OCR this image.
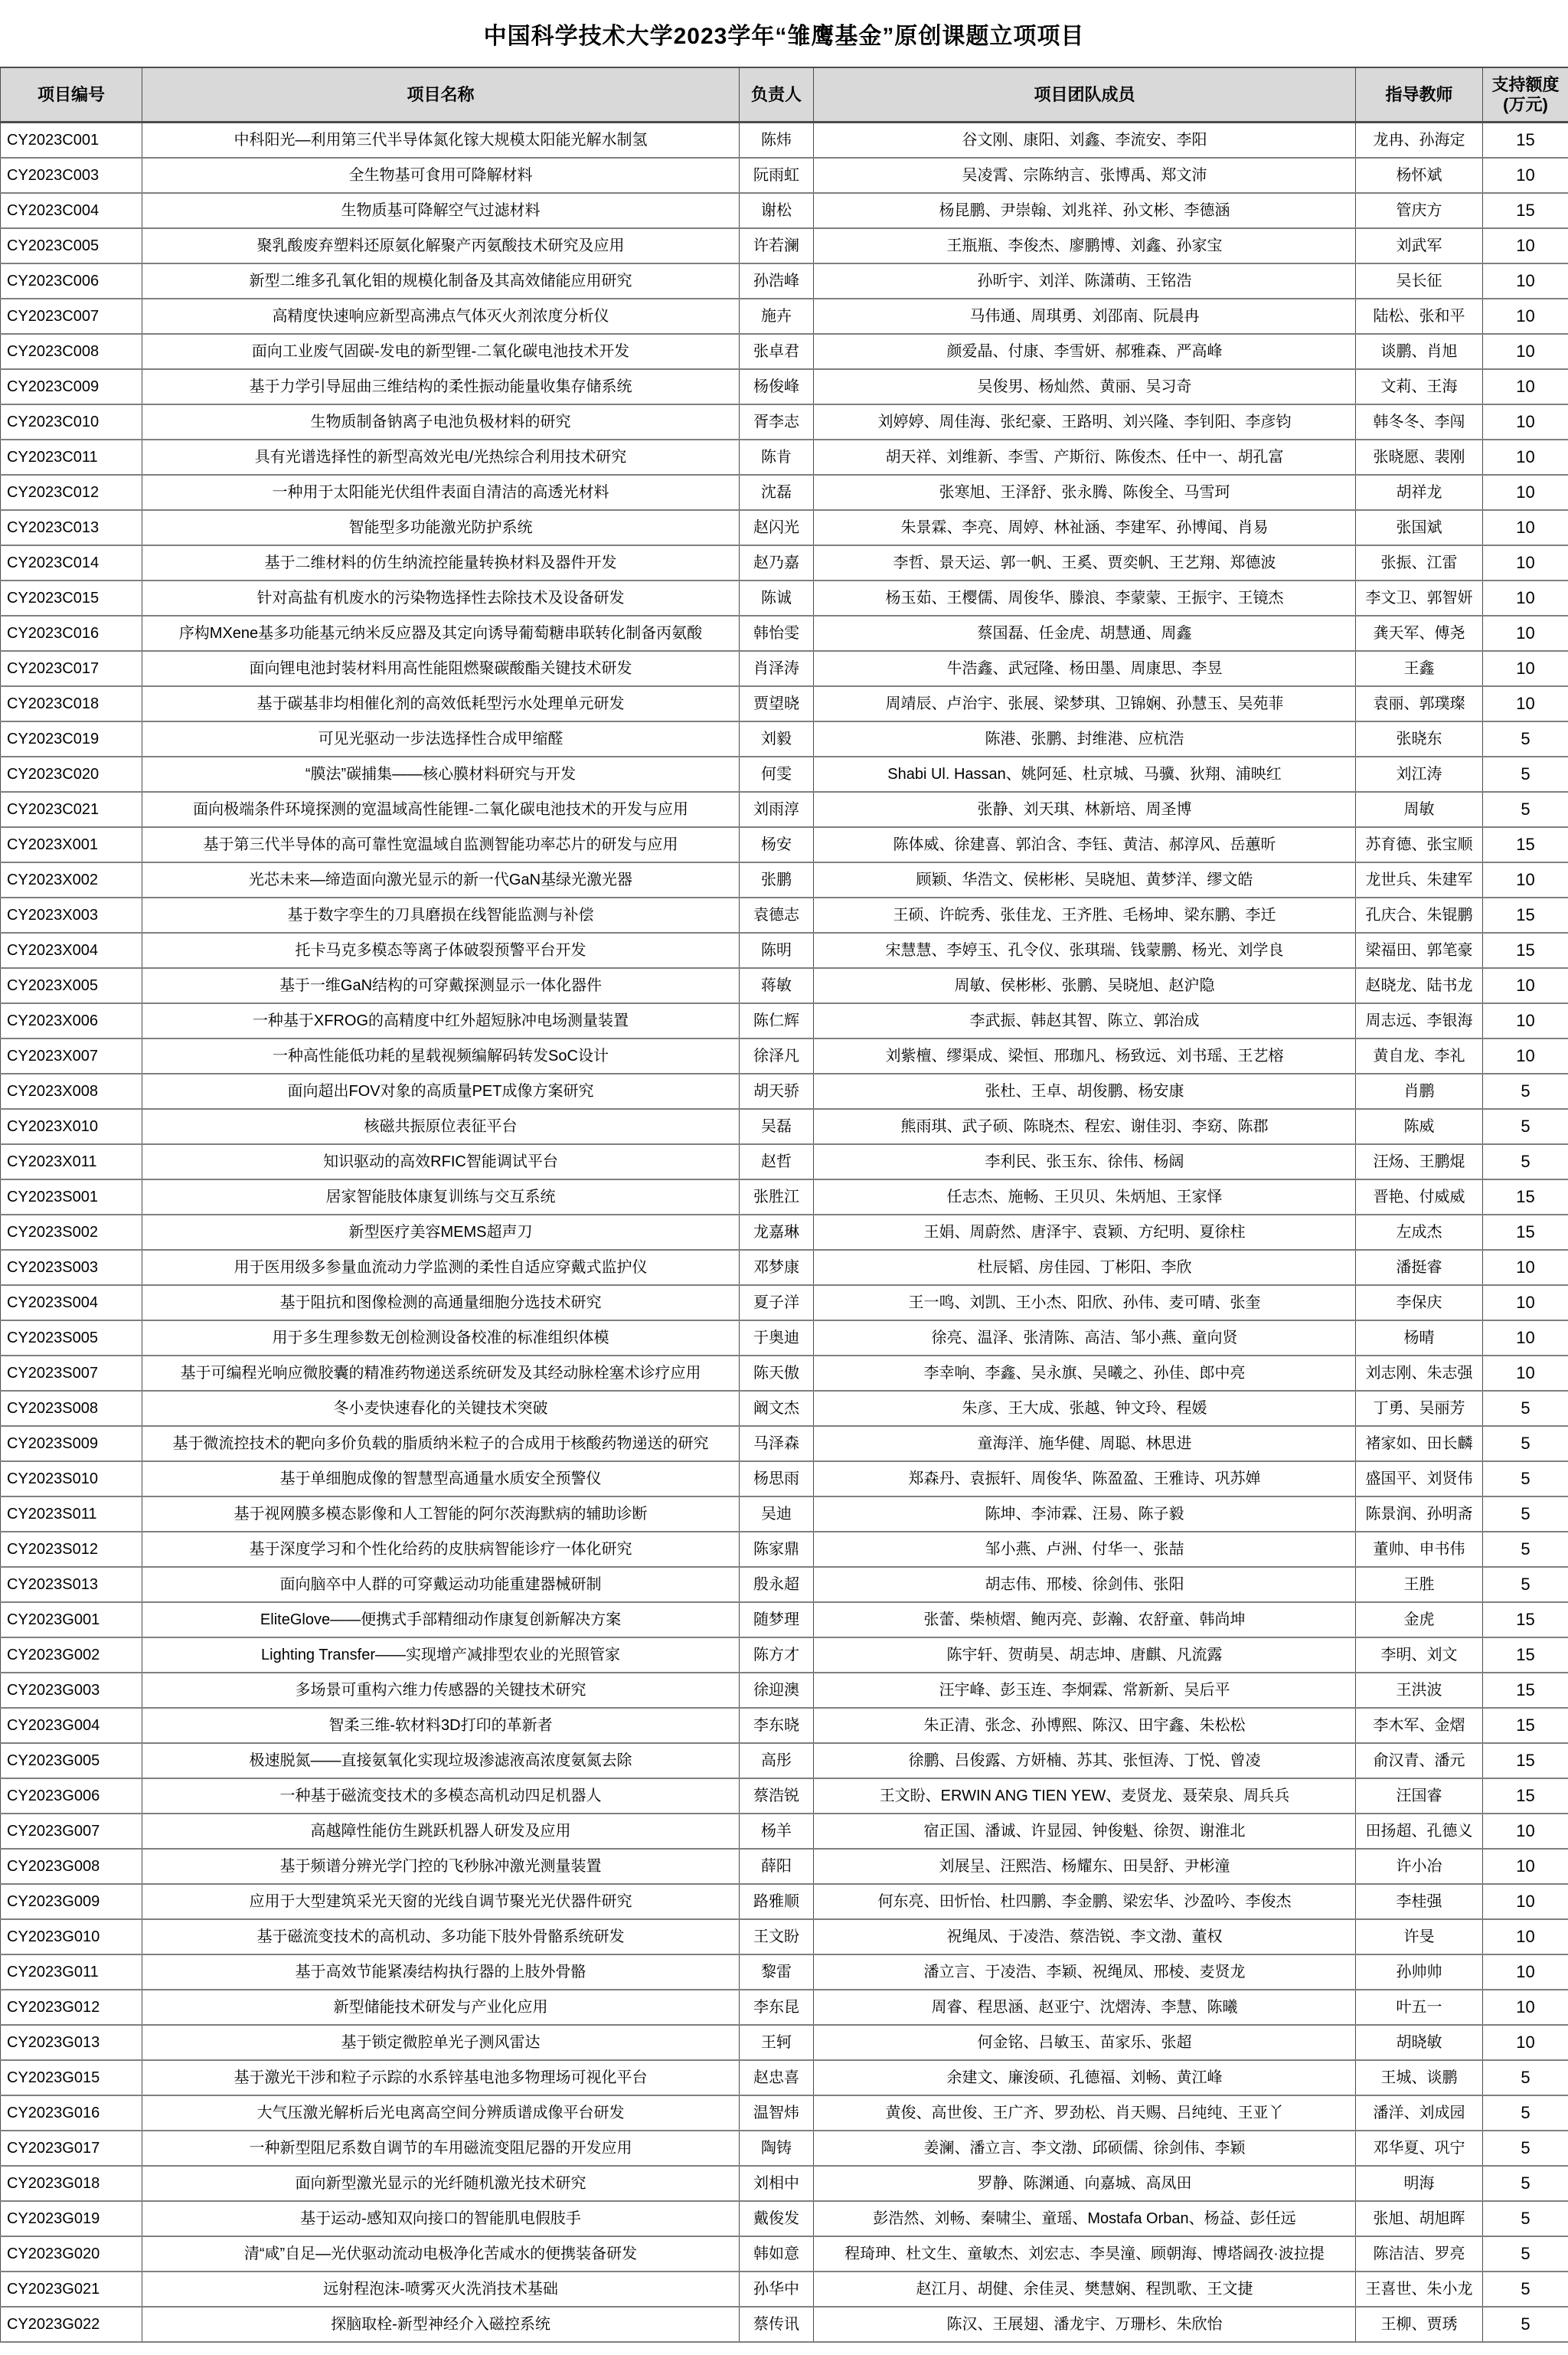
中国科学技术大学2023学年“雏鹰基金”原创课题立项项目
项目编号	项目名称	负责人	项目团队成员	指导教师	支持额度
(万元)

CY2023C001	中科阳光—利用第三代半导体氮化镓大规模太阳能光解水制氢	陈炜	谷文刚、康阳、刘鑫、李流安、李阳	龙冉、孙海定	15
CY2023C003	全生物基可食用可降解材料	阮雨虹	吴凌霄、宗陈纳言、张博禹、郑文沛	杨怀斌	10
CY2023C004	生物质基可降解空气过滤材料	谢松	杨昆鹏、尹崇翰、刘兆祥、孙文彬、李德涵	管庆方	15
CY2023C005	聚乳酸废弃塑料还原氨化解聚产丙氨酸技术研究及应用	许若澜	王瓶瓶、李俊杰、廖鹏博、刘鑫、孙家宝	刘武军	10
CY2023C006	新型二维多孔氧化钼的规模化制备及其高效储能应用研究	孙浩峰	孙昕宇、刘洋、陈潇萌、王铭浩	吴长征	10
CY2023C007	高精度快速响应新型高沸点气体灭火剂浓度分析仪	施卉	马伟通、周琪勇、刘邵南、阮晨冉	陆松、张和平	10
CY2023C008	面向工业废气固碳-发电的新型锂-二氧化碳电池技术开发	张卓君	颜爱晶、付康、李雪妍、郝雅森、严高峰	谈鹏、肖旭	10
CY2023C009	基于力学引导屈曲三维结构的柔性振动能量收集存储系统	杨俊峰	吴俊男、杨灿然、黄丽、吴习奇	文莉、王海	10
CY2023C010	生物质制备钠离子电池负极材料的研究	胥李志	刘婷婷、周佳海、张纪豪、王路明、刘兴隆、李钊阳、李彦钧	韩冬冬、李闯	10
CY2023C011	具有光谱选择性的新型高效光电/光热综合利用技术研究	陈肯	胡天祥、刘维新、李雪、产斯衍、陈俊杰、任中一、胡孔富	张晓愿、裴刚	10
CY2023C012	一种用于太阳能光伏组件表面自清洁的高透光材料	沈磊	张寒旭、王泽舒、张永腾、陈俊全、马雪珂	胡祥龙	10
CY2023C013	智能型多功能激光防护系统	赵闪光	朱景霖、李亮、周婷、林祉涵、李建军、孙博闻、肖易	张国斌	10
CY2023C014	基于二维材料的仿生纳流控能量转换材料及器件开发	赵乃嘉	李哲、景天运、郭一帆、王奚、贾奕帆、王艺翔、郑德波	张振、江雷	10
CY2023C015	针对高盐有机废水的污染物选择性去除技术及设备研发	陈诚	杨玉茹、王樱儒、周俊华、滕浪、李蒙蒙、王振宇、王镜杰	李文卫、郭智妍	10
CY2023C016	序构MXene基多功能基元纳米反应器及其定向诱导葡萄糖串联转化制备丙氨酸	韩怡雯	蔡国磊、任金虎、胡慧通、周鑫	龚天军、傅尧	10
CY2023C017	面向锂电池封装材料用高性能阻燃聚碳酸酯关键技术研发	肖泽涛	牛浩鑫、武冠隆、杨田墨、周康思、李昱	王鑫	10
CY2023C018	基于碳基非均相催化剂的高效低耗型污水处理单元研发	贾望晓	周靖辰、卢治宇、张展、梁梦琪、卫锦娴、孙慧玉、吴苑菲	袁丽、郭璞璨	10
CY2023C019	可见光驱动一步法选择性合成甲缩醛	刘毅	陈港、张鹏、封维港、应杭浩	张晓东	5
CY2023C020	“膜法”碳捕集——核心膜材料研究与开发	何雯	Shabi Ul. Hassan、姚阿延、杜京城、马骥、狄翔、浦映红	刘江涛	5
CY2023C021	面向极端条件环境探测的宽温域高性能锂-二氧化碳电池技术的开发与应用	刘雨淳	张静、刘天琪、林新培、周圣博	周敏	5
CY2023X001	基于第三代半导体的高可靠性宽温域自监测智能功率芯片的研发与应用	杨安	陈体威、徐建喜、郭泊含、李钰、黄洁、郝淳风、岳蕙昕	苏育德、张宝顺	15
CY2023X002	光芯未来—缔造面向激光显示的新一代GaN基绿光激光器	张鹏	顾颖、华浩文、侯彬彬、吴晓旭、黄梦洋、缪文皓	龙世兵、朱建军	10
CY2023X003	基于数字孪生的刀具磨损在线智能监测与补偿	袁德志	王硕、许皖秀、张佳龙、王齐胜、毛杨坤、梁东鹏、李迁	孔庆合、朱锟鹏	15
CY2023X004	托卡马克多模态等离子体破裂预警平台开发	陈明	宋慧慧、李婷玉、孔令仪、张琪瑞、钱蒙鹏、杨光、刘学良	梁福田、郭笔豪	15
CY2023X005	基于一维GaN结构的可穿戴探测显示一体化器件	蒋敏	周敏、侯彬彬、张鹏、吴晓旭、赵沪隐	赵晓龙、陆书龙	10
CY2023X006	一种基于XFROG的高精度中红外超短脉冲电场测量装置	陈仁辉	李武振、韩赵其智、陈立、郭治成	周志远、李银海	10
CY2023X007	一种高性能低功耗的星载视频编解码转发SoC设计	徐泽凡	刘紫檀、缪渠成、梁恒、邢珈凡、杨致远、刘书瑶、王艺榕	黄自龙、李礼	10
CY2023X008	面向超出FOV对象的高质量PET成像方案研究	胡天骄	张杜、王卓、胡俊鹏、杨安康	肖鹏	5
CY2023X010	核磁共振原位表征平台	吴磊	熊雨琪、武子硕、陈晓杰、程宏、谢佳羽、李窈、陈郡	陈威	5
CY2023X011	知识驱动的高效RFIC智能调试平台	赵哲	李利民、张玉东、徐伟、杨阔	汪炀、王鹏焜	5
CY2023S001	居家智能肢体康复训练与交互系统	张胜江	任志杰、施畅、王贝贝、朱炳旭、王家怿	晋艳、付威威	15
CY2023S002	新型医疗美容MEMS超声刀	龙嘉琳	王娟、周蔚然、唐泽宇、袁颖、方纪明、夏徐柱	左成杰	15
CY2023S003	用于医用级多参量血流动力学监测的柔性自适应穿戴式监护仪	邓梦康	杜辰韬、房佳园、丁彬阳、李欣	潘挺睿	10
CY2023S004	基于阻抗和图像检测的高通量细胞分选技术研究	夏子洋	王一鸣、刘凯、王小杰、阳欣、孙伟、麦可晴、张奎	李保庆	10
CY2023S005	用于多生理参数无创检测设备校准的标准组织体模	于奥迪	徐亮、温泽、张清陈、高洁、邹小燕、童向贤	杨晴	10
CY2023S007	基于可编程光响应微胶囊的精准药物递送系统研发及其经动脉栓塞术诊疗应用	陈天傲	李幸响、李鑫、吴永旗、吴曦之、孙佳、郎中亮	刘志刚、朱志强	10
CY2023S008	冬小麦快速春化的关键技术突破	阚文杰	朱彦、王大成、张越、钟文玲、程媛	丁勇、吴丽芳	5
CY2023S009	基于微流控技术的靶向多价负载的脂质纳米粒子的合成用于核酸药物递送的研究	马泽森	童海洋、施华健、周聪、林思进	褚家如、田长麟	5
CY2023S010	基于单细胞成像的智慧型高通量水质安全预警仪	杨思雨	郑森丹、袁振轩、周俊华、陈盈盈、王雅诗、巩苏婵	盛国平、刘贤伟	5
CY2023S011	基于视网膜多模态影像和人工智能的阿尔茨海默病的辅助诊断	吴迪	陈坤、李沛霖、汪易、陈子毅	陈景润、孙明斋	5
CY2023S012	基于深度学习和个性化给药的皮肤病智能诊疗一体化研究	陈家鼎	邹小燕、卢洲、付华一、张喆	董帅、申书伟	5
CY2023S013	面向脑卒中人群的可穿戴运动功能重建器械研制	殷永超	胡志伟、邢棱、徐剑伟、张阳	王胜	5
CY2023G001	EliteGlove——便携式手部精细动作康复创新解决方案	随梦理	张蕾、柴桢熠、鲍丙亮、彭瀚、农舒童、韩尚坤	金虎	15
CY2023G002	Lighting Transfer——实现增产减排型农业的光照管家	陈方才	陈宇轩、贺萌昊、胡志坤、唐麒、凡流露	李明、刘文	15
CY2023G003	多场景可重构六维力传感器的关键技术研究	徐迎澳	汪宇峰、彭玉连、李炯霖、常新新、吴后平	王洪波	15
CY2023G004	智柔三维-软材料3D打印的革新者	李东晓	朱正清、张念、孙博熙、陈汉、田宇鑫、朱松松	李木军、金熠	15
CY2023G005	极速脱氮——直接氨氧化实现垃圾渗滤液高浓度氨氮去除	高彤	徐鹏、吕俊露、方妍楠、苏其、张恒涛、丁悦、曾凌	俞汉青、潘元	15
CY2023G006	一种基于磁流变技术的多模态高机动四足机器人	蔡浩锐	王文盼、ERWIN ANG TIEN YEW、麦贤龙、聂荣泉、周兵兵	汪国睿	15
CY2023G007	高越障性能仿生跳跃机器人研发及应用	杨羊	宿正国、潘诚、许显园、钟俊魁、徐贺、谢淮北	田扬超、孔德义	10
CY2023G008	基于频谱分辨光学门控的飞秒脉冲激光测量装置	薛阳	刘展呈、汪熙浩、杨耀东、田昊舒、尹彬潼	许小冶	10
CY2023G009	应用于大型建筑采光天窗的光线自调节聚光光伏器件研究	路雅顺	何东亮、田忻怡、杜四鹏、李金鹏、梁宏华、沙盈吟、李俊杰	李桂强	10
CY2023G010	基于磁流变技术的高机动、多功能下肢外骨骼系统研发	王文盼	祝绳凤、于凌浩、蔡浩锐、李文渤、董权	许旻	10
CY2023G011	基于高效节能紧凑结构执行器的上肢外骨骼	黎雷	潘立言、于凌浩、李颖、祝绳凤、邢棱、麦贤龙	孙帅帅	10
CY2023G012	新型储能技术研发与产业化应用	李东昆	周睿、程思涵、赵亚宁、沈熠涛、李慧、陈曦	叶五一	10
CY2023G013	基于锁定微腔单光子测风雷达	王轲	何金铭、吕敏玉、苗家乐、张超	胡晓敏	10
CY2023G015	基于激光干涉和粒子示踪的水系锌基电池多物理场可视化平台	赵忠喜	余建文、廉浚硕、孔德福、刘畅、黄江峰	王城、谈鹏	5
CY2023G016	大气压激光解析后光电离高空间分辨质谱成像平台研发	温智炜	黄俊、高世俊、王广齐、罗劲松、肖天赐、吕纯纯、王亚丫	潘洋、刘成园	5
CY2023G017	一种新型阻尼系数自调节的车用磁流变阻尼器的开发应用	陶铸	姜澜、潘立言、李文渤、邱硕儒、徐剑伟、李颖	邓华夏、巩宁	5
CY2023G018	面向新型激光显示的光纤随机激光技术研究	刘相中	罗静、陈渊通、向嘉城、高凤田	明海	5
CY2023G019	基于运动-感知双向接口的智能肌电假肢手	戴俊发	彭浩然、刘畅、秦啸尘、童瑶、Mostafa Orban、杨益、彭任远	张旭、胡旭晖	5
CY2023G020	清“咸”自足—光伏驱动流动电极净化苦咸水的便携装备研发	韩如意	程琦珅、杜文生、童敏杰、刘宏志、李昊潼、顾朝海、博塔阔孜·波拉提	陈洁洁、罗亮	5
CY2023G021	远射程泡沫-喷雾灭火洗消技术基础	孙华中	赵江月、胡健、余佳灵、樊慧娴、程凯歌、王文捷	王喜世、朱小龙	5
CY2023G022	探脑取栓-新型神经介入磁控系统	蔡传讯	陈汉、王展翅、潘龙宇、万珊杉、朱欣怡	王柳、贾琇	5
